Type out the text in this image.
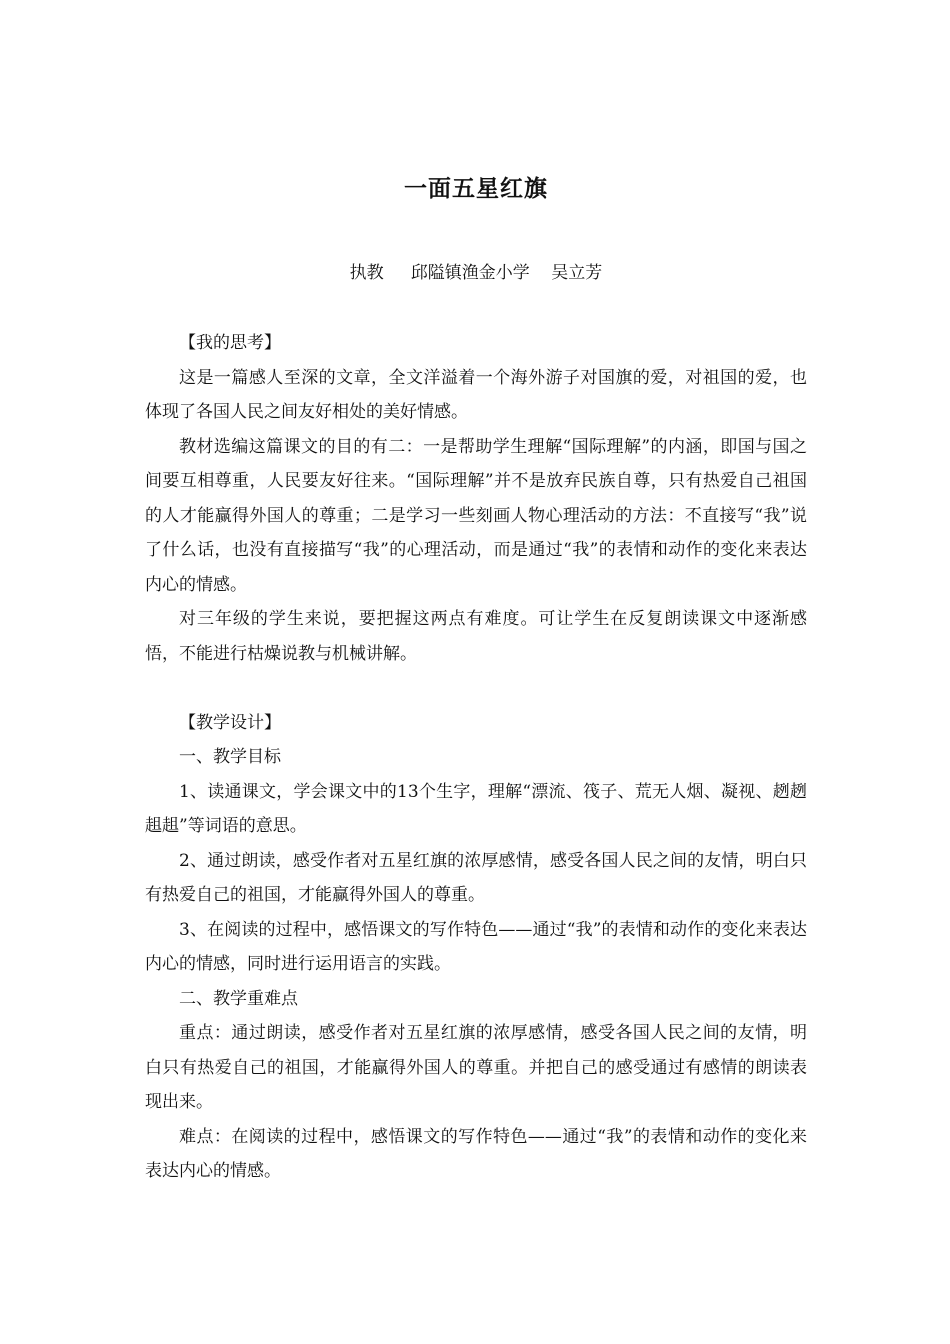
一面五星红旗
执教     邱隘镇渔金小学    吴立芳

【我的思考】

这是一篇感人至深的文章，全文洋溢着一个海外游子对国旗的爱，对祖国的爱，也体现了各国人民之间友好相处的美好情感。

教材选编这篇课文的目的有二：一是帮助学生理解“国际理解”的内涵，即国与国之间要互相尊重，人民要友好往来。“国际理解”并不是放弃民族自尊，只有热爱自己祖国的人才能赢得外国人的尊重；二是学习一些刻画人物心理活动的方法：不直接写“我”说了什么话，也没有直接描写“我”的心理活动，而是通过“我”的表情和动作的变化来表达内心的情感。

对三年级的学生来说，要把握这两点有难度。可让学生在反复朗读课文中逐渐感悟，不能进行枯燥说教与机械讲解。

【教学设计】

一、教学目标

1、读通课文，学会课文中的13个生字，理解“漂流、筏子、荒无人烟、凝视、趔趔趄趄”等词语的意思。

2、通过朗读，感受作者对五星红旗的浓厚感情，感受各国人民之间的友情，明白只有热爱自己的祖国，才能赢得外国人的尊重。

3、在阅读的过程中，感悟课文的写作特色——通过“我”的表情和动作的变化来表达内心的情感，同时进行运用语言的实践。

二、教学重难点

重点：通过朗读，感受作者对五星红旗的浓厚感情，感受各国人民之间的友情，明白只有热爱自己的祖国，才能赢得外国人的尊重。并把自己的感受通过有感情的朗读表现出来。

难点：在阅读的过程中，感悟课文的写作特色——通过“我”的表情和动作的变化来表达内心的情感。
